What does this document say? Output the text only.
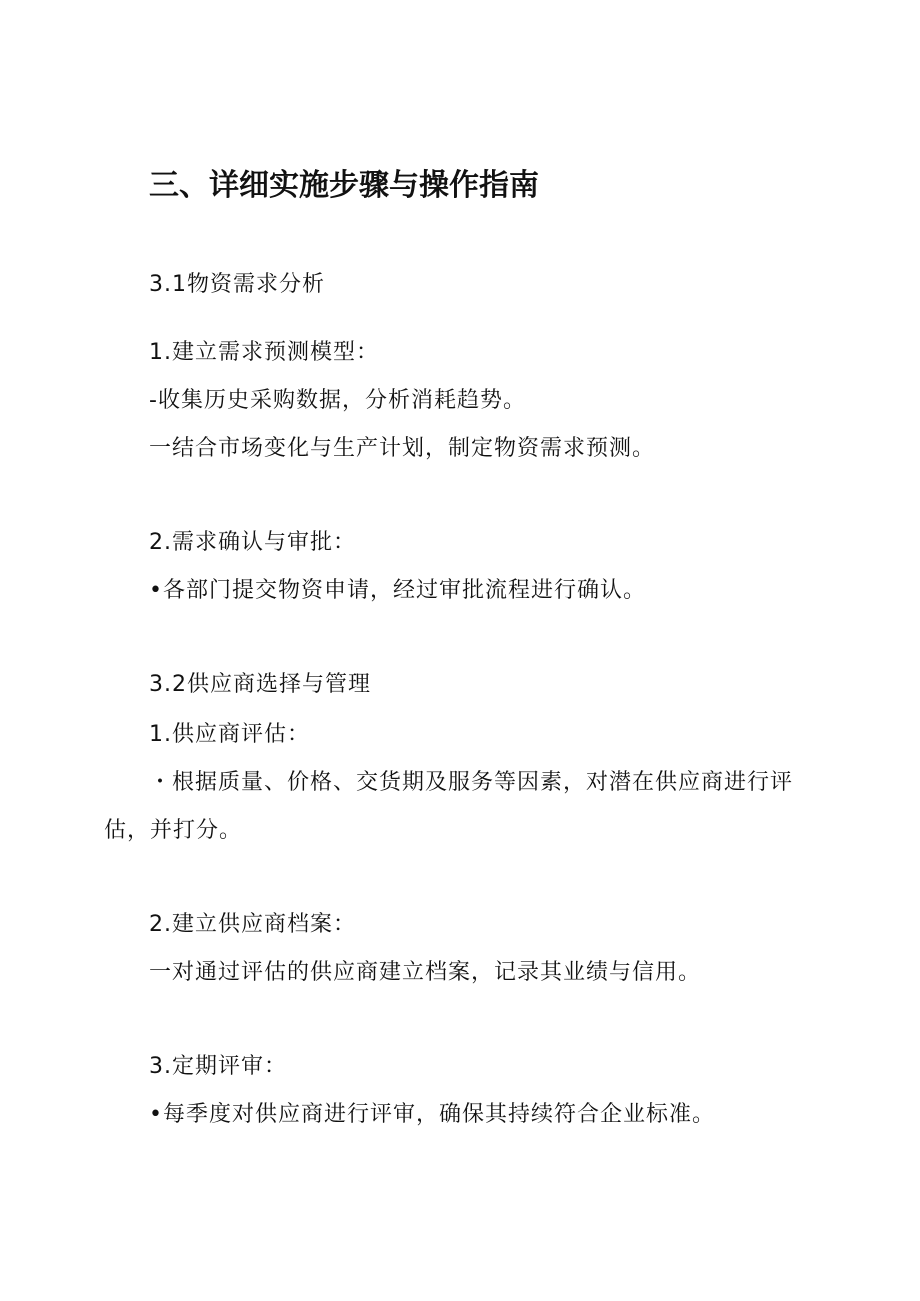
三、详细实施步骤与操作指南
3.1物资需求分析
1.建立需求预测模型：
-收集历史采购数据，分析消耗趋势。
一结合市场变化与生产计划，制定物资需求预测。
2.需求确认与审批：
•各部门提交物资申请，经过审批流程进行确认。
3.2供应商选择与管理
1.供应商评估：
・根据质量、价格、交货期及服务等因素，对潜在供应商进行评
估，并打分。
2.建立供应商档案：
一对通过评估的供应商建立档案，记录其业绩与信用。
3.定期评审：
•每季度对供应商进行评审，确保其持续符合企业标准。
